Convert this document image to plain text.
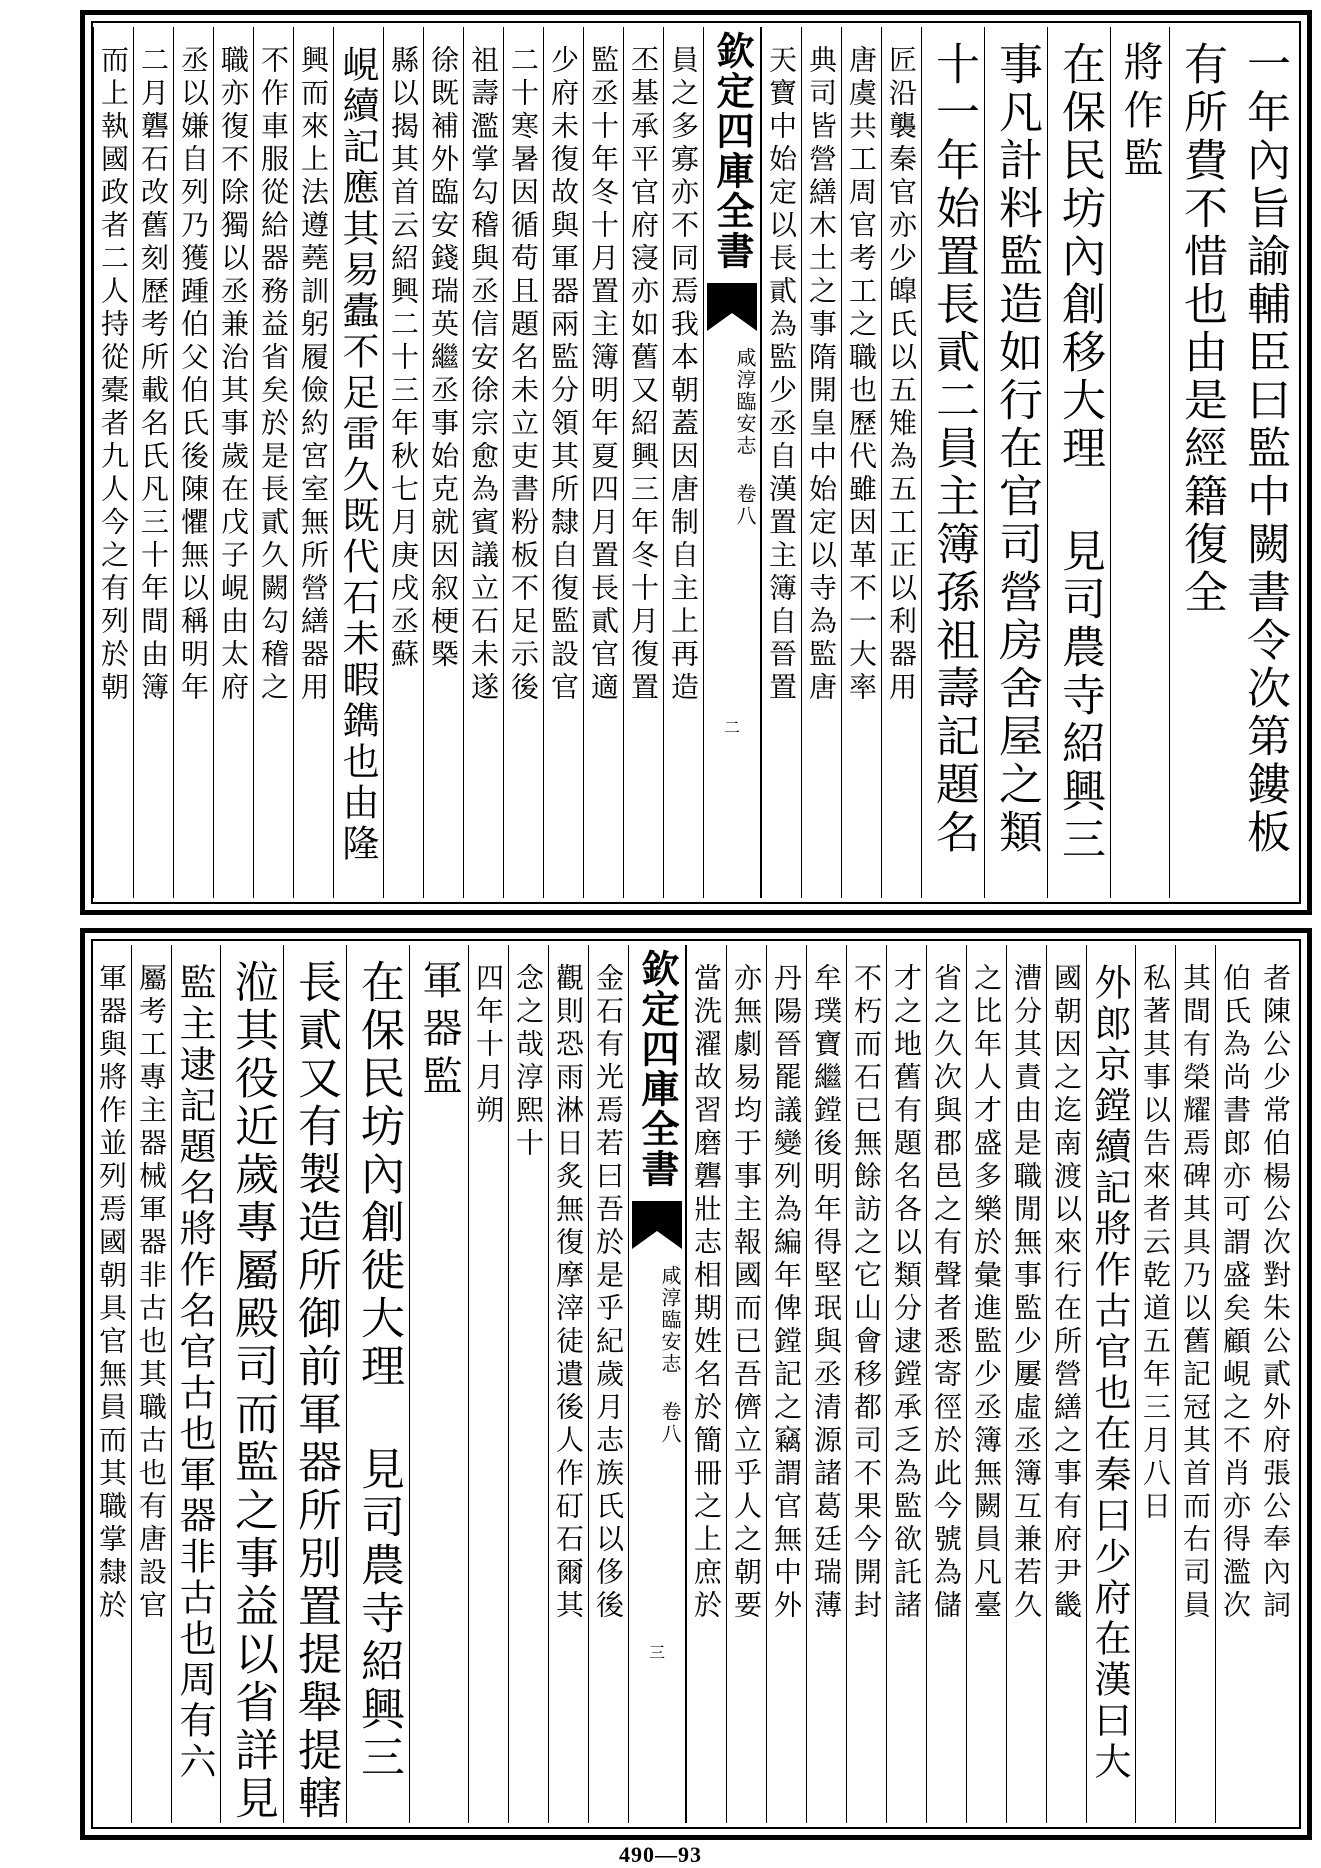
一年內旨諭輔臣曰監中闕書令次第鏤板
有所費不惜也由是經籍復全
將作監
在保民坊內創移大理 見司農寺紹興三
事凡計料監造如行在官司營房舍屋之類
十一年始置長貳二員主簿孫祖壽記題名
匠沿襲秦官亦少皥氏以五雉為五工正以利器用
唐虞共工周官考工之職也歷代雖因革不一大率
典司皆營繕木土之事隋開皇中始定以寺為監唐
天寶中始定以長貳為監少丞自漢置主簿自晉置
欽定四庫全書
咸淳臨安志 卷八
二
員之多寡亦不同焉我本朝蓋因唐制自主上再造
丕基承平官府寖亦如舊又紹興三年冬十月復置
監丞十年冬十月置主簿明年夏四月置長貳官適
少府未復故與軍器兩監分領其所隸自復監設官
二十寒暑因循苟且題名未立吏書粉板不足示後
祖壽濫掌勾稽與丞信安徐宗愈為賓議立石未遂
徐既補外臨安錢瑞英繼丞事始克就因叙梗槩
縣以揭其首云紹興二十三年秋七月庚戌丞蘇
峴續記應其易蠹不足雷久既代石未暇鐫也由隆
興而來上法遵蕘訓躬履儉約宮室無所營繕器用
不作車服從給器務益省矣於是長貳久闕勾稽之
職亦復不除獨以丞兼治其事歲在戊子峴由太府
丞以嫌自列乃獲踵伯父伯氏後陳懼無以稱明年
二月礱石改舊刻歷考所載名氏凡三十年間由簿
而上執國政者二人持從橐者九人今之有列於朝
者陳公少常伯楊公次對朱公貳外府張公奉內詞
伯氏為尚書郎亦可謂盛矣顧峴之不肖亦得濫次
其間有榮耀焉碑其具乃以舊記冠其首而右司員
私著其事以告來者云乾道五年三月八日
外郎京鏜續記將作古官也在秦曰少府在漢曰大
國朝因之迄南渡以來行在所營繕之事有府尹畿
漕分其責由是職閒無事監少屢虛丞簿互兼若久
之比年人才盛多樂於彙進監少丞簿無闕員凡臺
省之久次與郡邑之有聲者悉寄徑於此今號為儲
才之地舊有題名各以類分逮鏜承乏為監欲託諸
不朽而石已無餘訪之它山會移都司不果今開封
牟璞寶繼鏜後明年得堅珉與丞清源諸葛廷瑞薄
丹陽晉罷議變列為編年俾鏜記之竊謂官無中外
亦無劇易均于事主報國而已吾儕立乎人之朝要
當洗濯故習磨礱壯志相期姓名於簡冊之上庶於
欽定四庫全書
咸淳臨安志 卷八
三
金石有光焉若曰吾於是乎紀歲月志族氏以侈後
觀則恐雨淋日炙無復摩滓徒遺後人作矴石爾其
念之哉淳熙十
四年十月朔
軍器監
在保民坊內創徙大理 見司農寺紹興三
長貳又有製造所御前軍器所別置提舉提轄
涖其役近歲專屬殿司而監之事益以省詳見
監主逮記題名將作名官古也軍器非古也周有六
屬考工專主器械軍器非古也其職古也有唐設官
軍器與將作並列焉國朝具官無員而其職掌隸於
490—93
